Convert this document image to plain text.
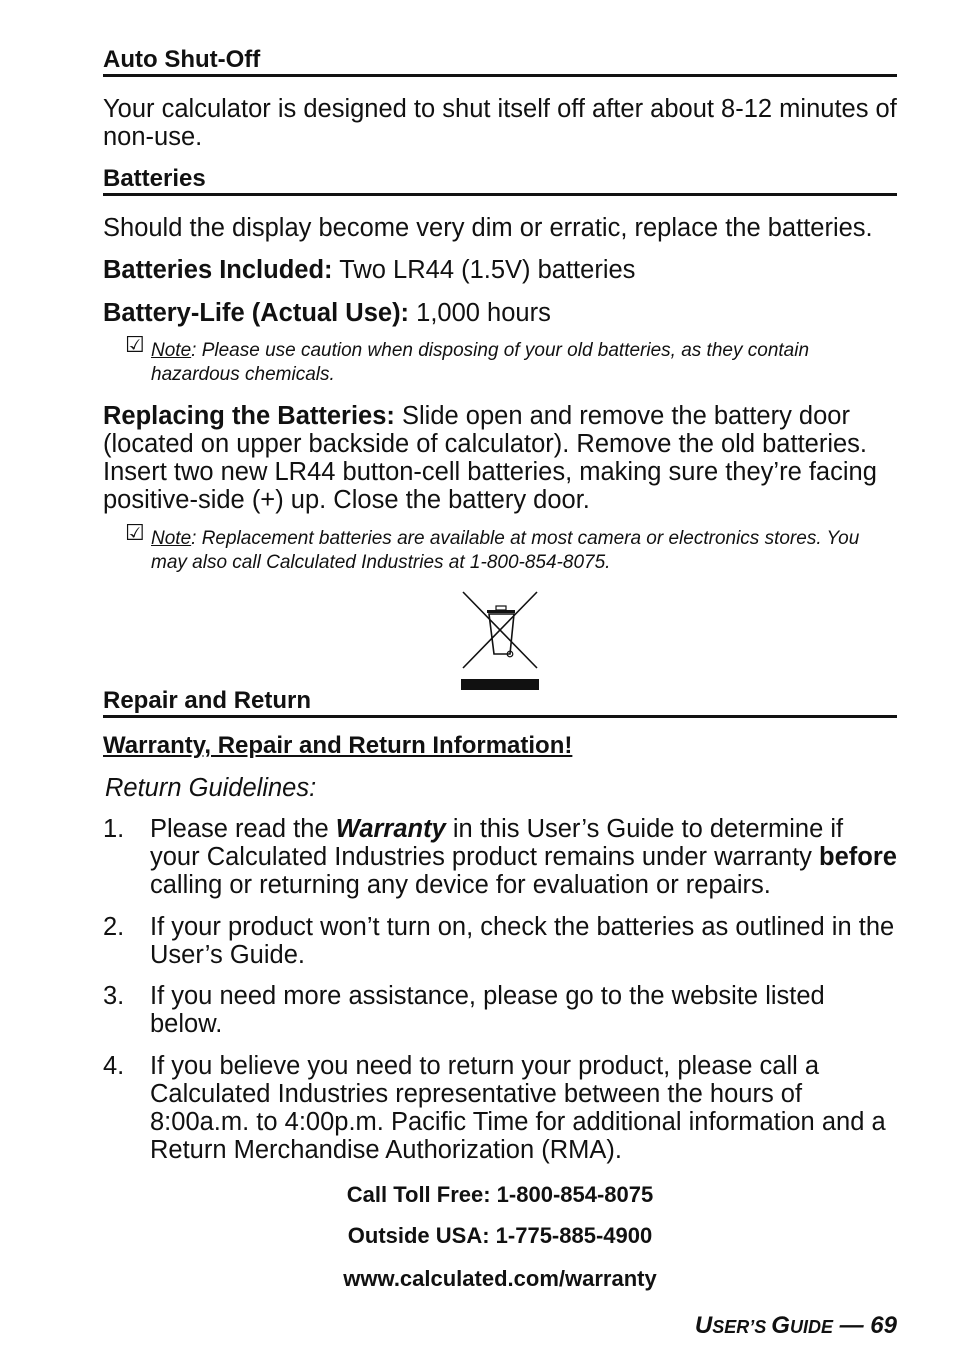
Auto Shut-Off

Your calculator is designed to shut itself off after about 8-12 minutes of non-use.

Batteries

Should the display become very dim or erratic, replace the batteries.

Batteries Included: Two LR44 (1.5V) batteries

Battery-Life (Actual Use): 1,000 hours

☑ Note: Please use caution when disposing of your old batteries, as they contain hazardous chemicals.

Replacing the Batteries: Slide open and remove the battery door (located on upper backside of calculator). Remove the old batteries. Insert two new LR44 button-cell batteries, making sure they’re facing positive-side (+) up. Close the battery door.

☑ Note: Replacement batteries are available at most camera or electronics stores. You may also call Calculated Industries at 1-800-854-8075.
Repair and Return

Warranty, Repair and Return Information!

Return Guidelines:

1. Please read the Warranty in this User’s Guide to determine if your Calculated Industries product remains under warranty before calling or returning any device for evaluation or repairs.
2. If your product won’t turn on, check the batteries as outlined in the User’s Guide.
3. If you need more assistance, please go to the website listed below.
4. If you believe you need to return your product, please call a Calculated Industries representative between the hours of 8:00a.m. to 4:00p.m. Pacific Time for additional information and a Return Merchandise Authorization (RMA).
Call Toll Free: 1-800-854-8075
Outside USA: 1-775-885-4900
www.calculated.com/warranty
USER’S GUIDE — 69
